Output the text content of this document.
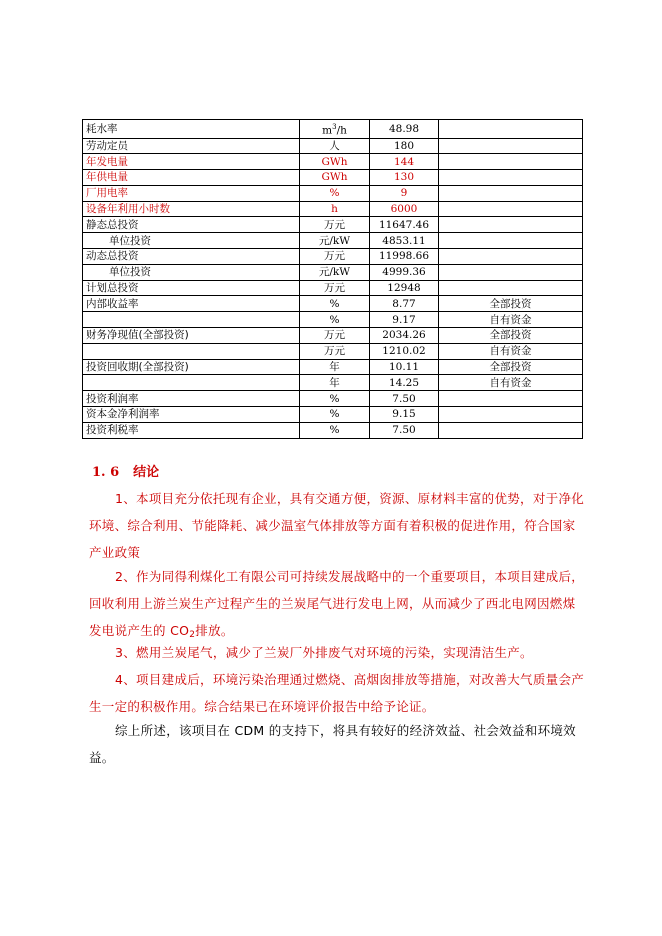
耗水率	$m^3/h$	48.98	
劳动定员	人	180	
年发电量	GWh	144	
年供电量	GWh	130	
厂用电率	%	9	
设备年利用小时数	h	6000	
静态总投资	万元	11647.46	
单位投资	元/kW	4853.11	
动态总投资	万元	11998.66	
单位投资	元/kW	4999.36	
计划总投资	万元	12948	
内部收益率	%	8.77	全部投资
	%	9.17	自有资金
财务净现值(全部投资)	万元	2034.26	全部投资
	万元	1210.02	自有资金
投资回收期(全部投资)	年	10.11	全部投资
	年	14.25	自有资金
投资利润率	%	7.50	
资本金净利润率	%	9.15	
投资利税率	%	7.50	
1. 6 结论

1、本项目充分依托现有企业，具有交通方便，资源、原材料丰富的优势，对于净化环境、综合利用、节能降耗、减少温室气体排放等方面有着积极的促进作用，符合国家产业政策

2、作为同得利煤化工有限公司可持续发展战略中的一个重要项目，本项目建成后，回收利用上游兰炭生产过程产生的兰炭尾气进行发电上网，从而减少了西北电网因燃煤发电说产生的 $CO_2$排放。

3、燃用兰炭尾气，减少了兰炭厂外排废气对环境的污染，实现清洁生产。

4、项目建成后，环境污染治理通过燃烧、高烟囱排放等措施，对改善大气质量会产生一定的积极作用。综合结果已在环境评价报告中给予论证。

综上所述，该项目在 CDM 的支持下，将具有较好的经济效益、社会效益和环境效益。
